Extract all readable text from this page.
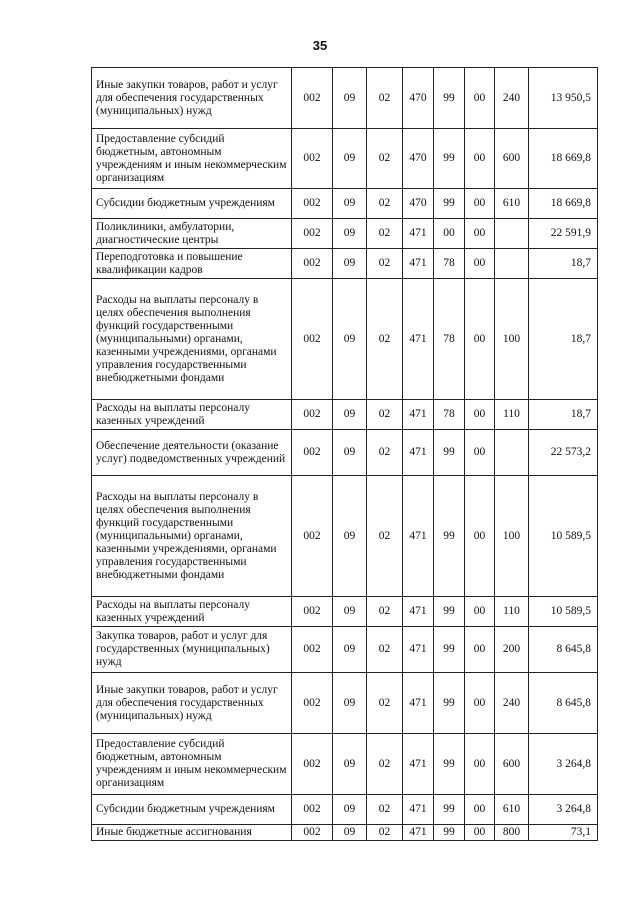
35
Иные закупки товаров, работ и услуг для обеспечения государственных (муниципальных) нужд	002	09	02	470	99	00	240	13 950,5
Предоставление субсидий бюджетным, автономным учреждениям и иным некоммерческим организациям	002	09	02	470	99	00	600	18 669,8
Субсидии бюджетным учреждениям	002	09	02	470	99	00	610	18 669,8
Поликлиники, амбулатории, диагностические центры	002	09	02	471	00	00		22 591,9
Переподготовка и повышение квалификации кадров	002	09	02	471	78	00		18,7
Расходы на выплаты персоналу в целях обеспечения выполнения функций государственными (муниципальными) органами, казенными учреждениями, органами управления государственными внебюджетными фондами	002	09	02	471	78	00	100	18,7
Расходы на выплаты персоналу казенных учреждений	002	09	02	471	78	00	110	18,7
Обеспечение деятельности (оказание услуг) подведомственных учреждений	002	09	02	471	99	00		22 573,2
Расходы на выплаты персоналу в целях обеспечения выполнения функций государственными (муниципальными) органами, казенными учреждениями, органами управления государственными внебюджетными фондами	002	09	02	471	99	00	100	10 589,5
Расходы на выплаты персоналу казенных учреждений	002	09	02	471	99	00	110	10 589,5
Закупка товаров, работ и услуг для государственных (муниципальных) нужд	002	09	02	471	99	00	200	8 645,8
Иные закупки товаров, работ и услуг для обеспечения государственных (муниципальных) нужд	002	09	02	471	99	00	240	8 645,8
Предоставление субсидий бюджетным, автономным учреждениям и иным некоммерческим организациям	002	09	02	471	99	00	600	3 264,8
Субсидии бюджетным учреждениям	002	09	02	471	99	00	610	3 264,8
Иные бюджетные ассигнования	002	09	02	471	99	00	800	73,1
